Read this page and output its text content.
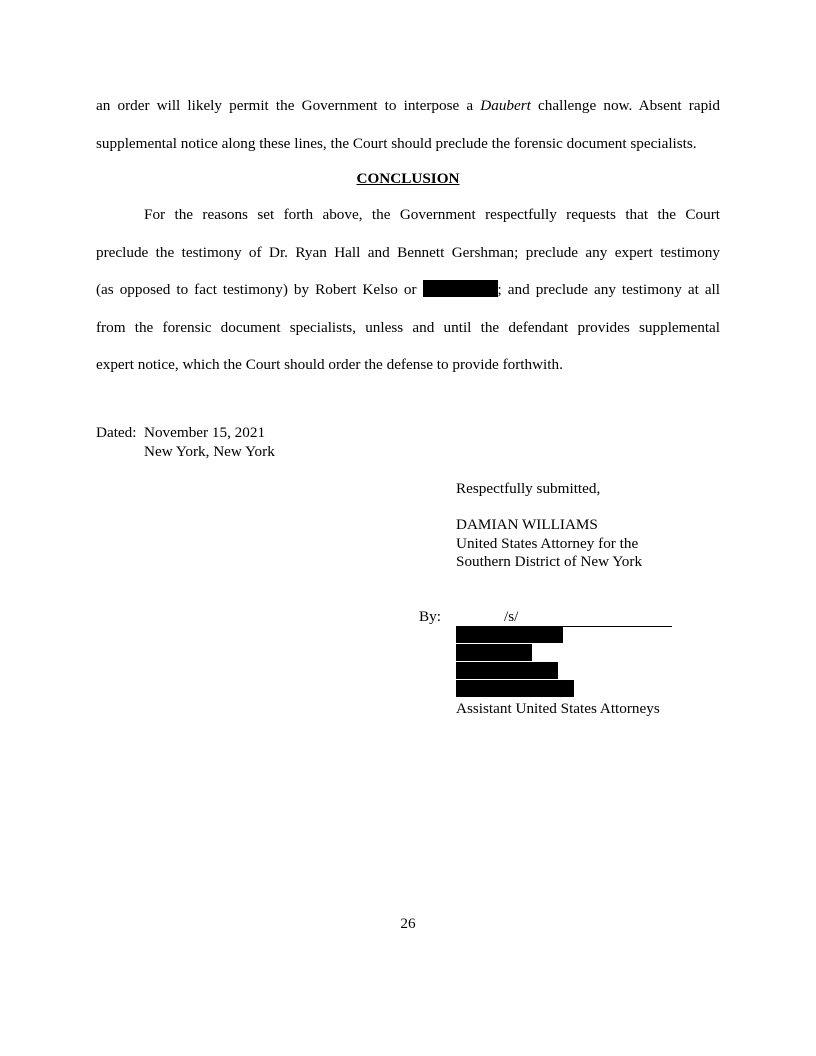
an order will likely permit the Government to interpose a Daubert challenge now. Absent rapid
supplemental notice along these lines, the Court should preclude the forensic document specialists.
CONCLUSION
For the reasons set forth above, the Government respectfully requests that the Court
preclude the testimony of Dr. Ryan Hall and Bennett Gershman; preclude any expert testimony
(as opposed to fact testimony) by Robert Kelso or	; and preclude any testimony at all
from the forensic document specialists, unless and until the defendant provides supplemental
expert notice, which the Court should order the defense to provide forthwith.
Dated: November 15, 2021
New York, New York
Respectfully submitted,
DAMIAN WILLIAMS
United States Attorney for the
Southern District of New York
By:	/s/
Assistant United States Attorneys
26
